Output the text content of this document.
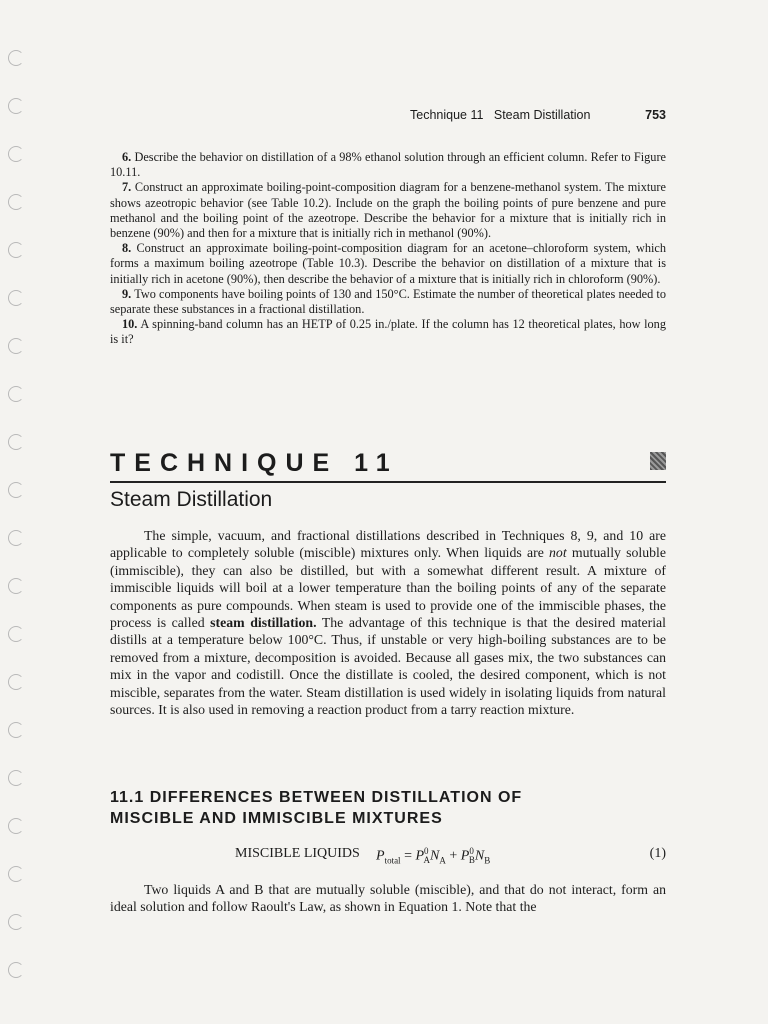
Technique 11   Steam Distillation	753

6. Describe the behavior on distillation of a 98% ethanol solution through an efficient column. Refer to Figure 10.11.

7. Construct an approximate boiling-point-composition diagram for a benzene-methanol system. The mixture shows azeotropic behavior (see Table 10.2). Include on the graph the boiling points of pure benzene and pure methanol and the boiling point of the azeotrope. Describe the behavior for a mixture that is initially rich in benzene (90%) and then for a mixture that is initially rich in methanol (90%).

8. Construct an approximate boiling-point-composition diagram for an acetone–chloroform system, which forms a maximum boiling azeotrope (Table 10.3). Describe the behavior on distillation of a mixture that is initially rich in acetone (90%), then describe the behavior of a mixture that is initially rich in chloroform (90%).

9. Two components have boiling points of 130 and 150°C. Estimate the number of theoretical plates needed to separate these substances in a fractional distillation.

10. A spinning-band column has an HETP of 0.25 in./plate. If the column has 12 theoretical plates, how long is it?

TECHNIQUE 11
Steam Distillation

The simple, vacuum, and fractional distillations described in Techniques 8, 9, and 10 are applicable to completely soluble (miscible) mixtures only. When liquids are not mutually soluble (immiscible), they can also be distilled, but with a somewhat different result. A mixture of immiscible liquids will boil at a lower temperature than the boiling points of any of the separate components as pure compounds. When steam is used to provide one of the immiscible phases, the process is called steam distillation. The advantage of this technique is that the desired material distills at a temperature below 100°C. Thus, if unstable or very high-boiling substances are to be removed from a mixture, decomposition is avoided. Because all gases mix, the two substances can mix in the vapor and codistill. Once the distillate is cooled, the desired component, which is not miscible, separates from the water. Steam distillation is used widely in isolating liquids from natural sources. It is also used in removing a reaction product from a tarry reaction mixture.

11.1 DIFFERENCES BETWEEN DISTILLATION OF
MISCIBLE AND IMMISCIBLE MIXTURES
MISCIBLE LIQUIDS $P_{total} = P^0_AN_A + P^0_BN_B$	(1)

Two liquids A and B that are mutually soluble (miscible), and that do not interact, form an ideal solution and follow Raoult's Law, as shown in Equation 1. Note that the
